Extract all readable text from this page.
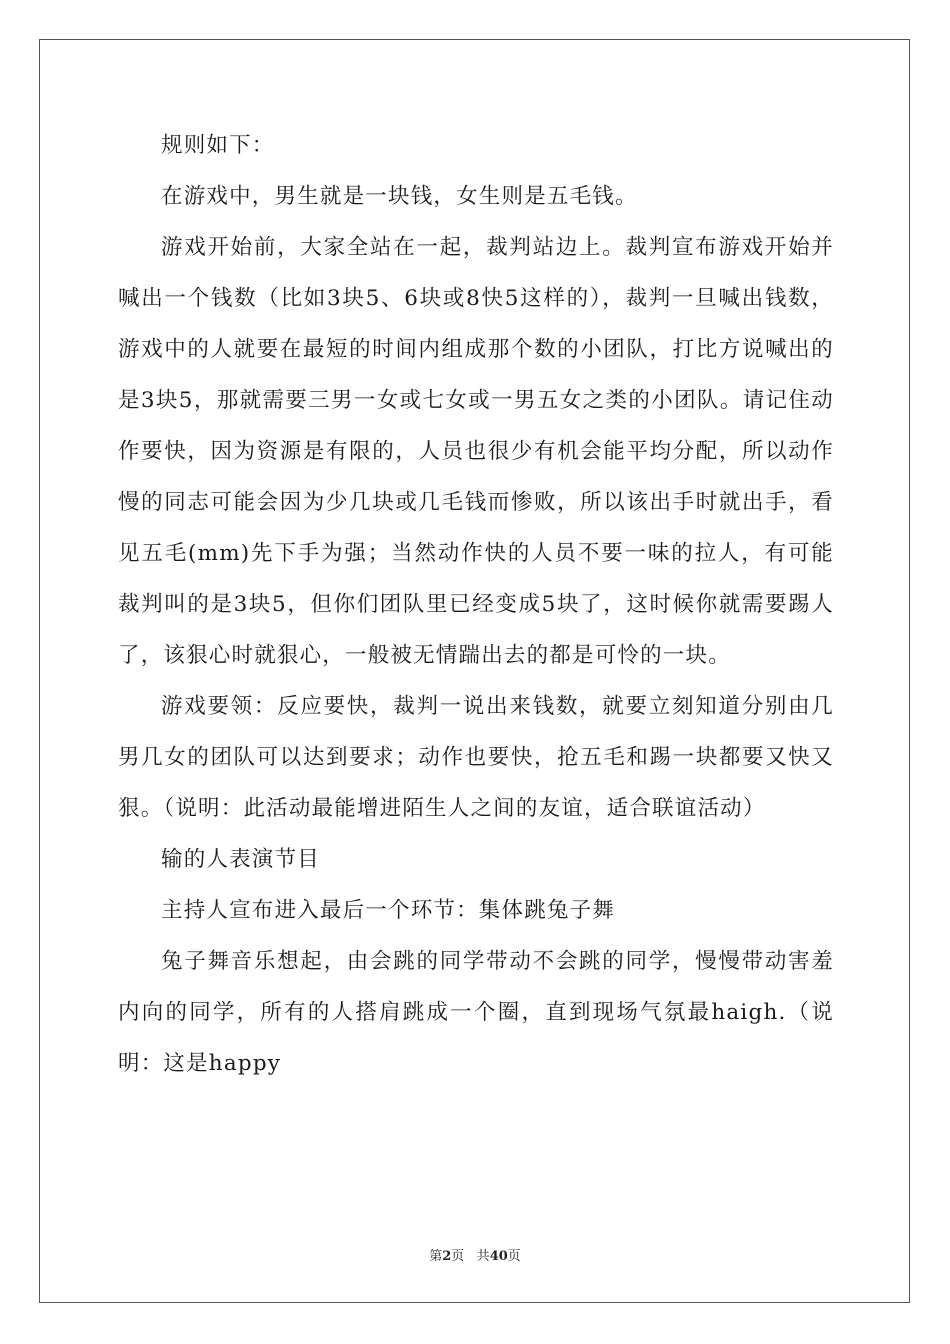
规则如下：

在游戏中，男生就是一块钱，女生则是五毛钱。

游戏开始前，大家全站在一起，裁判站边上。裁判宣布游戏开始并喊出一个钱数（比如3块5、6块或8快5这样的），裁判一旦喊出钱数，游戏中的人就要在最短的时间内组成那个数的小团队，打比方说喊出的是3块5，那就需要三男一女或七女或一男五女之类的小团队。请记住动作要快，因为资源是有限的，人员也很少有机会能平均分配，所以动作慢的同志可能会因为少几块或几毛钱而惨败，所以该出手时就出手，看见五毛(mm)先下手为强；当然动作快的人员不要一味的拉人，有可能裁判叫的是3块5，但你们团队里已经变成5块了，这时候你就需要踢人了，该狠心时就狠心，一般被无情踹出去的都是可怜的一块。

游戏要领：反应要快，裁判一说出来钱数，就要立刻知道分别由几男几女的团队可以达到要求；动作也要快，抢五毛和踢一块都要又快又狠。（说明：此活动最能增进陌生人之间的友谊，适合联谊活动）

输的人表演节目

主持人宣布进入最后一个环节：集体跳兔子舞

兔子舞音乐想起，由会跳的同学带动不会跳的同学，慢慢带动害羞内向的同学，所有的人搭肩跳成一个圈，直到现场气氛最haigh.（说明：这是happy

第2页 共40页
